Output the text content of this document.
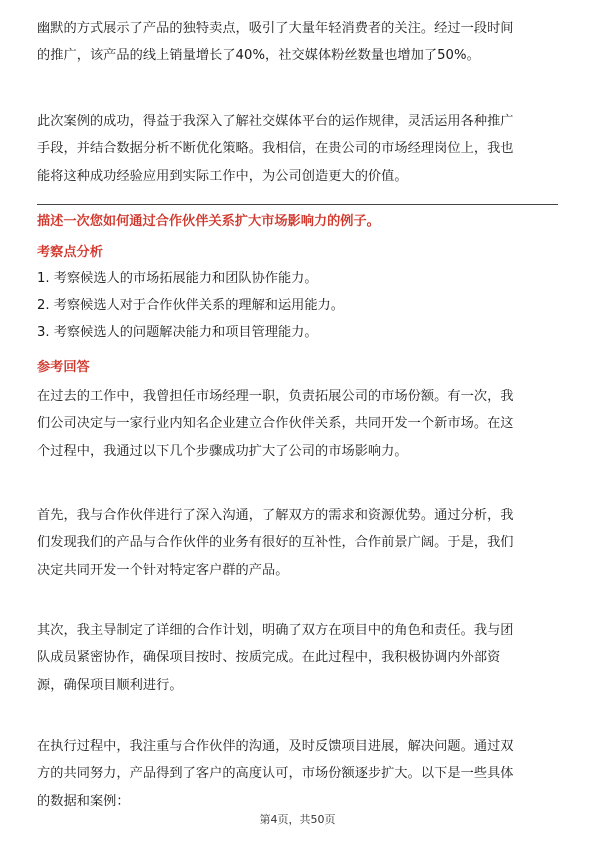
幽默的方式展示了产品的独特卖点，吸引了大量年轻消费者的关注。经过一段时间
的推广，该产品的线上销量增长了40%，社交媒体粉丝数量也增加了50%。
此次案例的成功，得益于我深入了解社交媒体平台的运作规律，灵活运用各种推广
手段，并结合数据分析不断优化策略。我相信，在贵公司的市场经理岗位上，我也
能将这种成功经验应用到实际工作中，为公司创造更大的价值。

描述一次您如何通过合作伙伴关系扩大市场影响力的例子。

考察点分析

1. 考察候选人的市场拓展能力和团队协作能力。

2. 考察候选人对于合作伙伴关系的理解和运用能力。

3. 考察候选人的问题解决能力和项目管理能力。

参考回答

在过去的工作中，我曾担任市场经理一职，负责拓展公司的市场份额。有一次，我
们公司决定与一家行业内知名企业建立合作伙伴关系，共同开发一个新市场。在这
个过程中，我通过以下几个步骤成功扩大了公司的市场影响力。
首先，我与合作伙伴进行了深入沟通，了解双方的需求和资源优势。通过分析，我
们发现我们的产品与合作伙伴的业务有很好的互补性，合作前景广阔。于是，我们
决定共同开发一个针对特定客户群的产品。
其次，我主导制定了详细的合作计划，明确了双方在项目中的角色和责任。我与团
队成员紧密协作，确保项目按时、按质完成。在此过程中，我积极协调内外部资
源，确保项目顺利进行。
在执行过程中，我注重与合作伙伴的沟通，及时反馈项目进展，解决问题。通过双
方的共同努力，产品得到了客户的高度认可，市场份额逐步扩大。以下是一些具体
的数据和案例：
第4页，共50页
